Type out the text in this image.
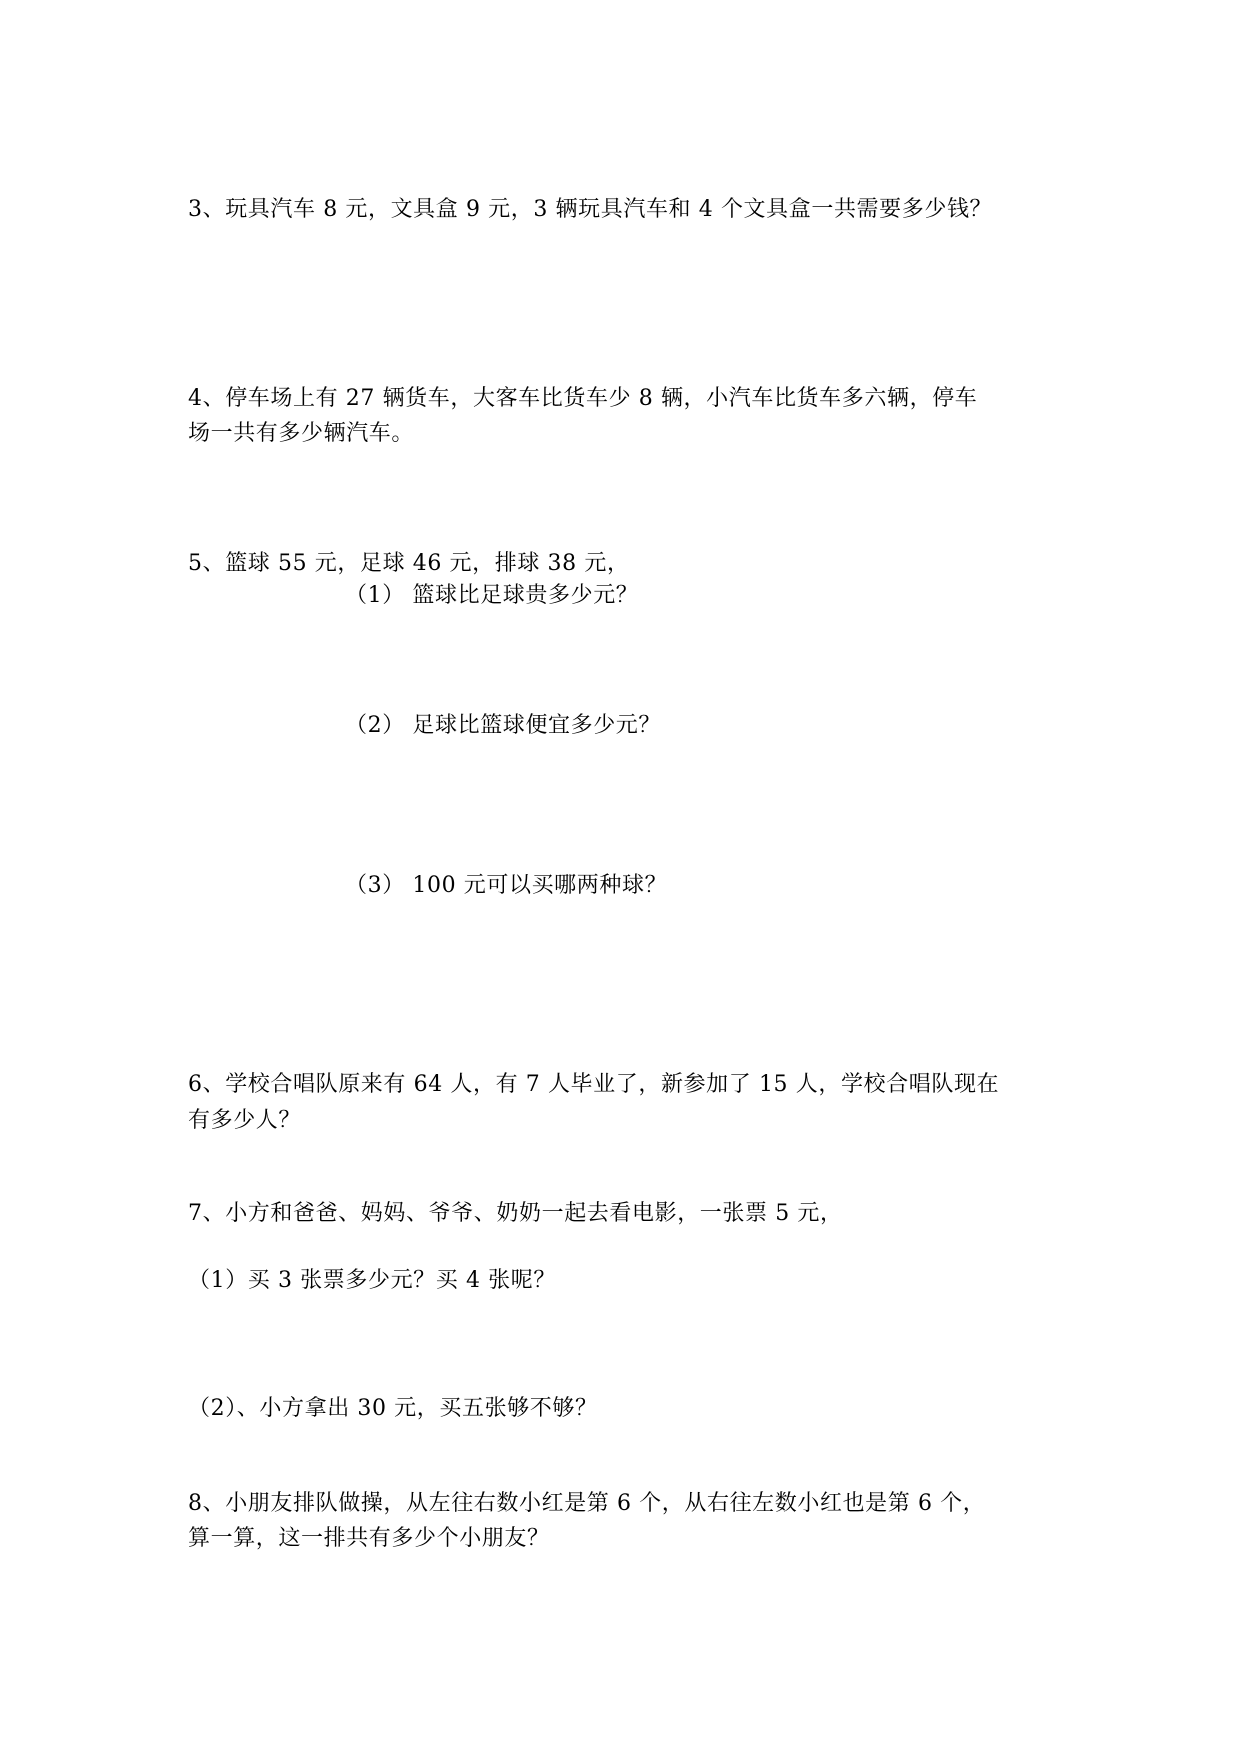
3、玩具汽车 8 元，文具盒 9 元，3 辆玩具汽车和 4 个文具盒一共需要多少钱？
4、停车场上有 27 辆货车，大客车比货车少 8 辆，小汽车比货车多六辆，停车
场一共有多少辆汽车。
5、篮球 55 元，足球 46 元，排球 38 元，
（1） 篮球比足球贵多少元？
（2） 足球比篮球便宜多少元？
（3） 100 元可以买哪两种球？
6、学校合唱队原来有 64 人，有 7 人毕业了，新参加了 15 人，学校合唱队现在
有多少人？
7、小方和爸爸、妈妈、爷爷、奶奶一起去看电影，一张票 5 元，
（1）买 3 张票多少元？买 4 张呢？
（2）、小方拿出 30 元，买五张够不够？
8、小朋友排队做操，从左往右数小红是第 6 个，从右往左数小红也是第 6 个，
算一算，这一排共有多少个小朋友？
